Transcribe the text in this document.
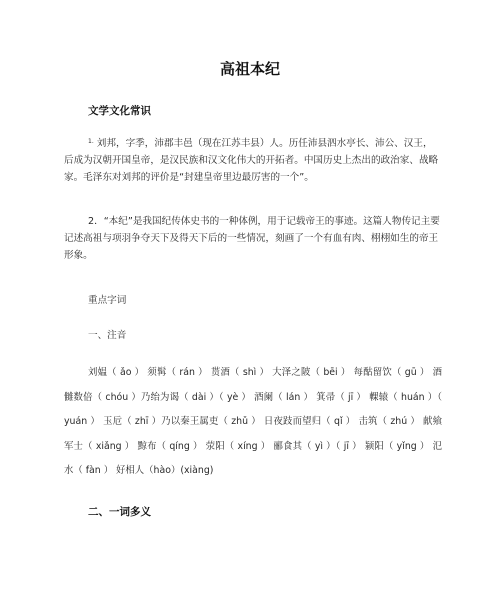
高祖本纪
文学文化常识

$^{1.}$ 刘邦，字季，沛郡丰邑（现在江苏丰县）人。历任沛县泗水亭长、沛公、汉王，后成为汉朝开国皇帝，是汉民族和汉文化伟大的开拓者。中国历史上杰出的政治家、战略家。毛泽东对刘邦的评价是“封建皇帝里边最厉害的一个”。

2．“本纪”是我国纪传体史书的一种体例，用于记载帝王的事迹。这篇人物传记主要记述高祖与项羽争夺天下及得天下后的一些情况，刻画了一个有血有肉、栩栩如生的帝王形象。

重点字词
一、注音

刘媪（ ǎo ） 须髯（ rán ） 贳酒（ shì ） 大泽之陂（ bēi ） 每酤留饮（ gū ） 酒雠数倍（ chóu ）乃绐为谒（ dài ）（ yè ） 酒阑（ lán ） 箕帚（ jī ） 輠辕（ huán ）（ yuán ） 玉卮（ zhī ）乃以秦王属吏（ zhǔ ） 日夜跂而望归（ qǐ ） 击筑（ zhú ） 献飨军士（ xiǎng ） 黥布（ qíng ） 荥阳（ xíng ） 郦食其（ yì ）（ jī ） 颍阳（ yǐng ） 氾水（ fàn ） 好相人（hào）(xiàng)

二、一词多义
